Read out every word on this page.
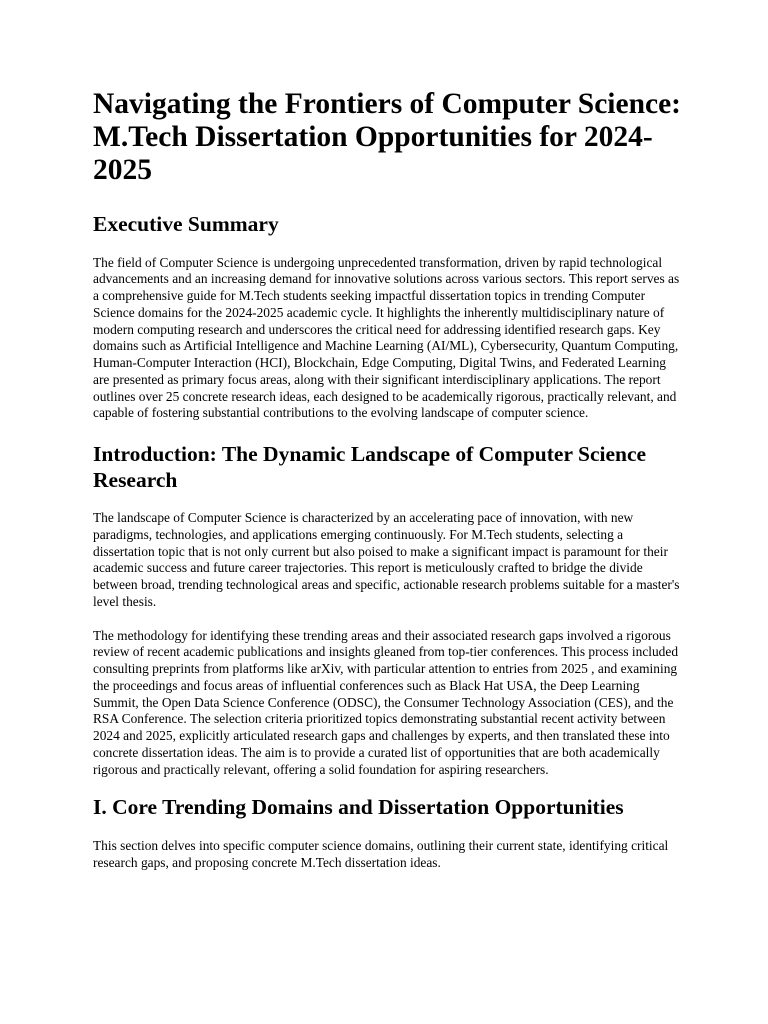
Navigating the Frontiers of Computer Science: M.Tech Dissertation Opportunities for 2024-2025
Executive Summary

The field of Computer Science is undergoing unprecedented transformation, driven by rapid technological advancements and an increasing demand for innovative solutions across various sectors. This report serves as a comprehensive guide for M.Tech students seeking impactful dissertation topics in trending Computer Science domains for the 2024-2025 academic cycle. It highlights the inherently multidisciplinary nature of modern computing research and underscores the critical need for addressing identified research gaps. Key domains such as Artificial Intelligence and Machine Learning (AI/ML), Cybersecurity, Quantum Computing, Human-Computer Interaction (HCI), Blockchain, Edge Computing, Digital Twins, and Federated Learning are presented as primary focus areas, along with their significant interdisciplinary applications. The report outlines over 25 concrete research ideas, each designed to be academically rigorous, practically relevant, and capable of fostering substantial contributions to the evolving landscape of computer science.

Introduction: The Dynamic Landscape of Computer Science Research

The landscape of Computer Science is characterized by an accelerating pace of innovation, with new paradigms, technologies, and applications emerging continuously. For M.Tech students, selecting a dissertation topic that is not only current but also poised to make a significant impact is paramount for their academic success and future career trajectories. This report is meticulously crafted to bridge the divide between broad, trending technological areas and specific, actionable research problems suitable for a master's level thesis.

The methodology for identifying these trending areas and their associated research gaps involved a rigorous review of recent academic publications and insights gleaned from top-tier conferences. This process included consulting preprints from platforms like arXiv, with particular attention to entries from 2025 , and examining the proceedings and focus areas of influential conferences such as Black Hat USA, the Deep Learning Summit, the Open Data Science Conference (ODSC), the Consumer Technology Association (CES), and the RSA Conference. The selection criteria prioritized topics demonstrating substantial recent activity between 2024 and 2025, explicitly articulated research gaps and challenges by experts, and then translated these into concrete dissertation ideas. The aim is to provide a curated list of opportunities that are both academically rigorous and practically relevant, offering a solid foundation for aspiring researchers.

I. Core Trending Domains and Dissertation Opportunities

This section delves into specific computer science domains, outlining their current state, identifying critical research gaps, and proposing concrete M.Tech dissertation ideas.
